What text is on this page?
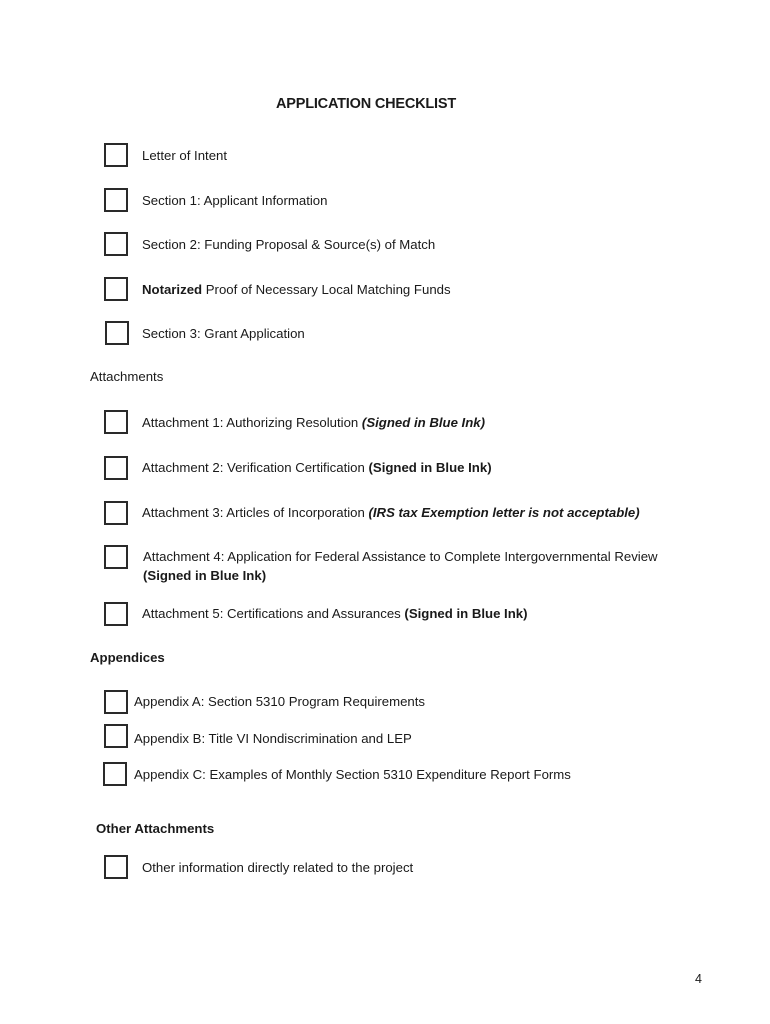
APPLICATION CHECKLIST
Letter of Intent
Section 1: Applicant Information
Section 2: Funding Proposal & Source(s) of Match
Notarized Proof of Necessary Local Matching Funds
Section 3: Grant Application
Attachments
Attachment 1: Authorizing Resolution (Signed in Blue Ink)
Attachment 2: Verification Certification (Signed in Blue Ink)
Attachment 3: Articles of Incorporation (IRS tax Exemption letter is not acceptable)
Attachment 4: Application for Federal Assistance to Complete Intergovernmental Review (Signed in Blue Ink)
Attachment 5: Certifications and Assurances (Signed in Blue Ink)
Appendices
Appendix A: Section 5310 Program Requirements
Appendix B: Title VI Nondiscrimination and LEP
Appendix C: Examples of Monthly Section 5310 Expenditure Report Forms
Other Attachments
Other information directly related to the project
4
